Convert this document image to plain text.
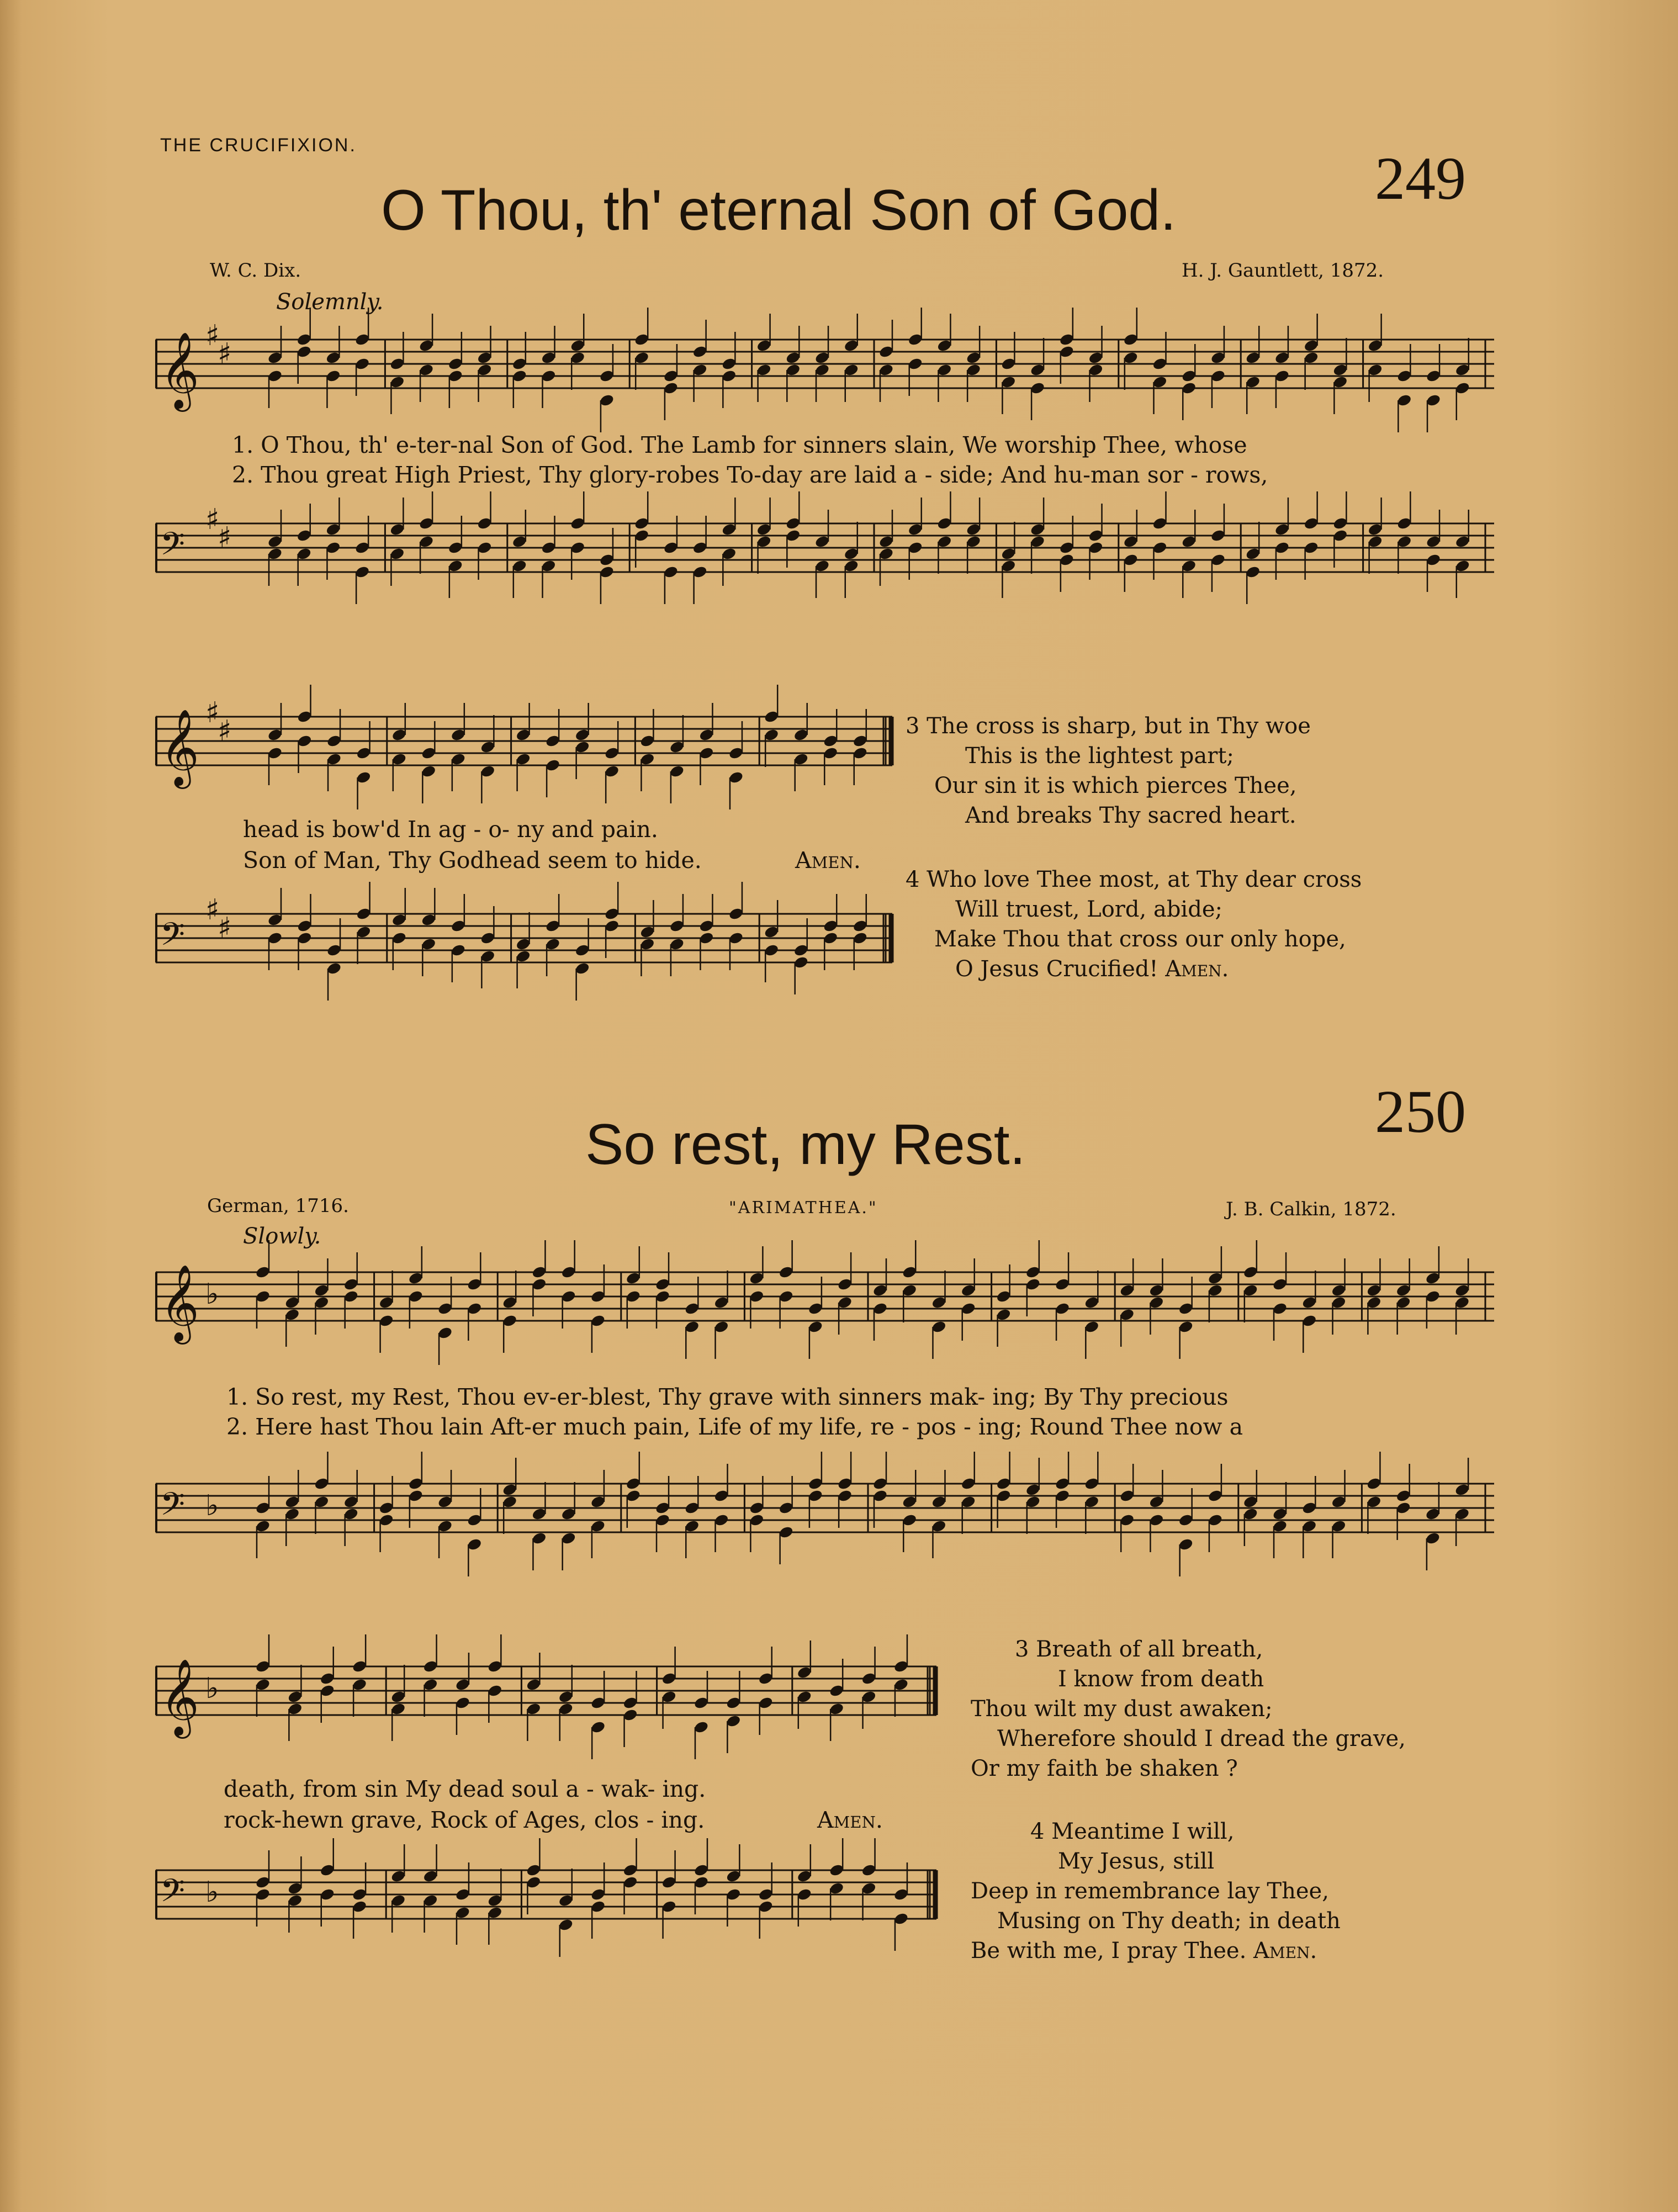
THE CRUCIFIXION.	249
O Thou, th' eternal Son of God.
W. C. Dix.	H. J. Gauntlett, 1872.
Solemnly.
𝄞 ♯
♯
1. O Thou, th' e-ter-nal Son of God. The Lamb for sinners slain, We worship Thee, whose
2. Thou great High Priest, Thy glory-robes To-day are laid a - side; And hu-man sor - rows,
𝄢
♯
♯
𝄞 ♯
♯
head is bow'd In ag - o- ny and pain.
Son of Man, Thy Godhead seem to hide.	Amen.
𝄢
♯
♯
3 The cross is sharp, but in Thy woe
This is the lightest part;
Our sin it is which pierces Thee,
And breaks Thy sacred heart.
4 Who love Thee most, at Thy dear cross
Will truest, Lord, abide;
Make Thou that cross our only hope,
O Jesus Crucified! Amen.
250
So rest, my Rest.
German, 1716.	"ARIMATHEA."	J. B. Calkin, 1872.
Slowly.
𝄞 ♭
1. So rest, my Rest, Thou ev-er-blest, Thy grave with sinners mak- ing; By Thy precious
2. Here hast Thou lain Aft-er much pain, Life of my life, re - pos - ing; Round Thee now a
𝄢 ♭
𝄞 ♭
death, from sin My dead soul a - wak- ing.
rock-hewn grave, Rock of Ages, clos - ing.	Amen.
𝄢 ♭
3 Breath of all breath,
I know from death
Thou wilt my dust awaken;
Wherefore should I dread the grave,
Or my faith be shaken ?
4 Meantime I will,
My Jesus, still
Deep in remembrance lay Thee,
Musing on Thy death; in death
Be with me, I pray Thee. Amen.
